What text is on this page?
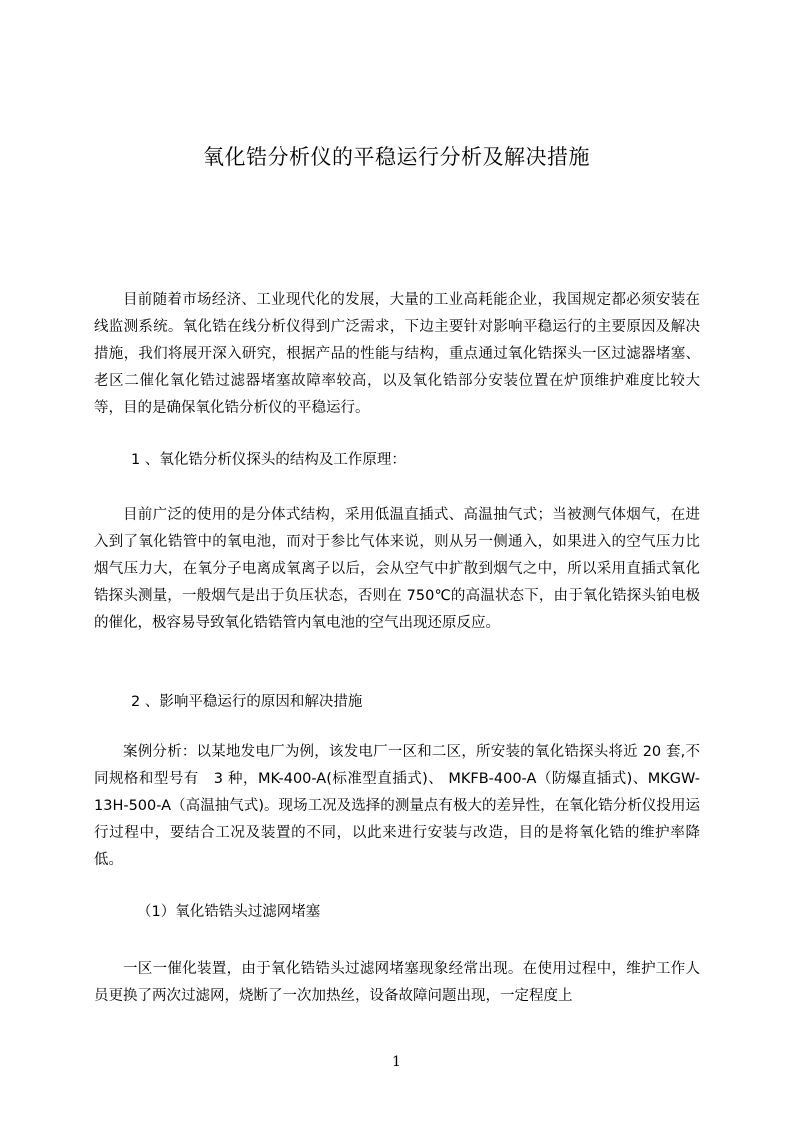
氧化锆分析仪的平稳运行分析及解决措施

目前随着市场经济、工业现代化的发展，大量的工业高耗能企业，我国规定都必须安装在线监测系统。氧化锆在线分析仪得到广泛需求，下边主要针对影响平稳运行的主要原因及解决措施，我们将展开深入研究，根据产品的性能与结构，重点通过氧化锆探头一区过滤器堵塞、老区二催化氧化锆过滤器堵塞故障率较高，以及氧化锆部分安装位置在炉顶维护难度比较大等，目的是确保氧化锆分析仪的平稳运行。

1 、氧化锆分析仪探头的结构及工作原理：

目前广泛的使用的是分体式结构，采用低温直插式、高温抽气式；当被测气体烟气，在进入到了氧化锆管中的氧电池，而对于参比气体来说，则从另一侧通入，如果进入的空气压力比烟气压力大，在氧分子电离成氧离子以后，会从空气中扩散到烟气之中，所以采用直插式氧化锆探头测量，一般烟气是出于负压状态，否则在 750℃的高温状态下，由于氧化锆探头铂电极的催化，极容易导致氧化锆锆管内氧电池的空气出现还原反应。

2 、影响平稳运行的原因和解决措施

案例分析：以某地发电厂为例，该发电厂一区和二区，所安装的氧化锆探头将近 20 套,不同规格和型号有　3 种，MK-400-A(标准型直插式)、 MKFB-400-A（防爆直插式)、MKGW-13H-500-A（高温抽气式)。现场工况及选择的测量点有极大的差异性，在氧化锆分析仪投用运行过程中，要结合工况及装置的不同，以此来进行安装与改造，目的是将氧化锆的维护率降低。

（1）氧化锆锆头过滤网堵塞

一区一催化装置，由于氧化锆锆头过滤网堵塞现象经常出现。在使用过程中，维护工作人员更换了两次过滤网，烧断了一次加热丝，设备故障问题出现，一定程度上

1
